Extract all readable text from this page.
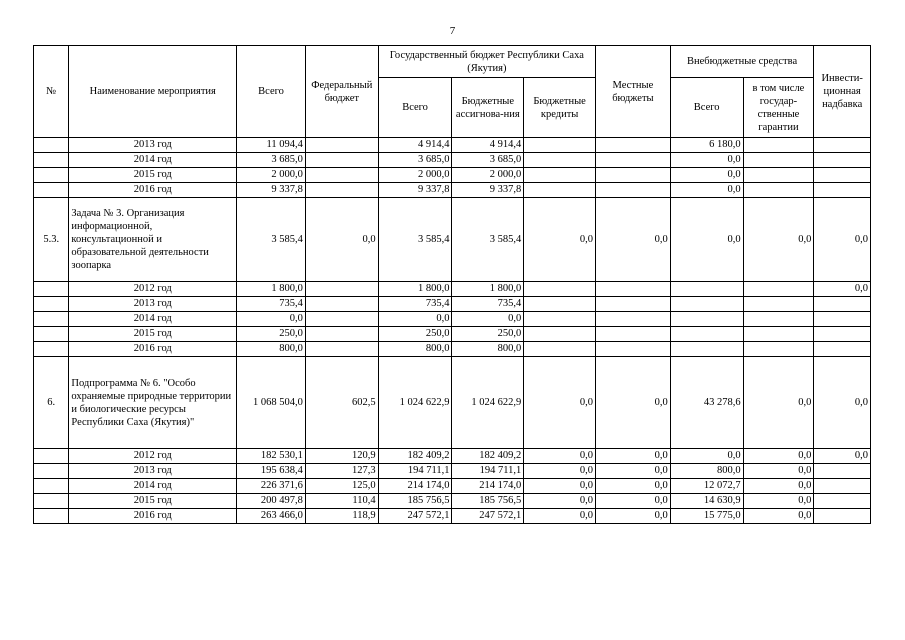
7
№	Наименование мероприятия	Всего	Федеральный бюджет	Государственный бюджет Республики Саха (Якутия)			Местные бюджеты	Внебюджетные средства		Инвести-ционная надбавка
				Всего	Бюджетные ассигнова-ния	Бюджетные кредиты		Всего	в том числе государ-ственные гарантии	
	2013 год	11 094,4		4 914,4	4 914,4			6 180,0		
	2014 год	3 685,0		3 685,0	3 685,0			0,0		
	2015 год	2 000,0		2 000,0	2 000,0			0,0		
	2016 год	9 337,8		9 337,8	9 337,8			0,0		
5.3.	Задача № 3. Организация информационной, консультационной и образовательной деятельности зоопарка	3 585,4	0,0	3 585,4	3 585,4	0,0	0,0	0,0	0,0	0,0
	2012 год	1 800,0		1 800,0	1 800,0					0,0
	2013 год	735,4		735,4	735,4					
	2014 год	0,0		0,0	0,0					
	2015 год	250,0		250,0	250,0					
	2016 год	800,0		800,0	800,0					
6.	Подпрограмма № 6. "Особо охраняемые природные территории и биологические ресурсы Республики Саха (Якутия)"	1 068 504,0	602,5	1 024 622,9	1 024 622,9	0,0	0,0	43 278,6	0,0	0,0
	2012 год	182 530,1	120,9	182 409,2	182 409,2	0,0	0,0	0,0	0,0	0,0
	2013 год	195 638,4	127,3	194 711,1	194 711,1	0,0	0,0	800,0	0,0	
	2014 год	226 371,6	125,0	214 174,0	214 174,0	0,0	0,0	12 072,7	0,0	
	2015 год	200 497,8	110,4	185 756,5	185 756,5	0,0	0,0	14 630,9	0,0	
	2016 год	263 466,0	118,9	247 572,1	247 572,1	0,0	0,0	15 775,0	0,0	
